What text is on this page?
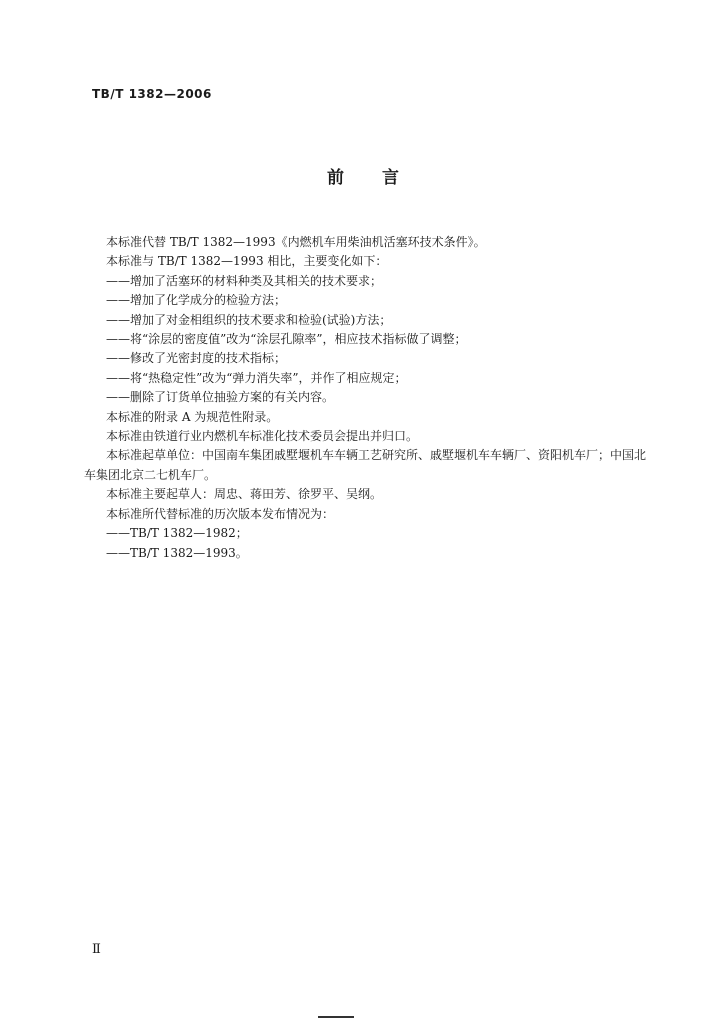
TB/T 1382—2006
前言
本标准代替 TB/T 1382—1993《内燃机车用柴油机活塞环技术条件》。
本标准与 TB/T 1382—1993 相比，主要变化如下：
——增加了活塞环的材料种类及其相关的技术要求；
——增加了化学成分的检验方法；
——增加了对金相组织的技术要求和检验(试验)方法；
——将“涂层的密度值”改为“涂层孔隙率”，相应技术指标做了调整；
——修改了光密封度的技术指标；
——将“热稳定性”改为“弹力消失率”，并作了相应规定；
——删除了订货单位抽验方案的有关内容。
本标准的附录 A 为规范性附录。
本标准由铁道行业内燃机车标准化技术委员会提出并归口。
本标准起草单位：中国南车集团戚墅堰机车车辆工艺研究所、戚墅堰机车车辆厂、资阳机车厂；中国北车集团北京二七机车厂。
本标准主要起草人：周忠、蒋田芳、徐罗平、吴纲。
本标准所代替标准的历次版本发布情况为：
——TB/T 1382—1982；
——TB/T 1382—1993。
Ⅱ
